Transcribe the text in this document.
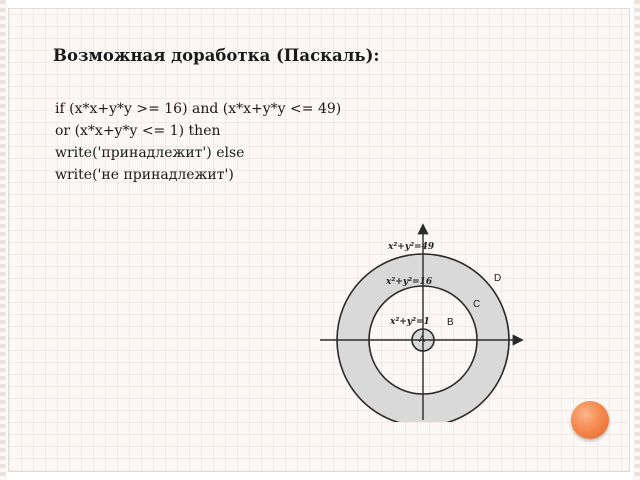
Возможная доработка (Паскаль):
if (x*x+y*y >= 16) and (x*x+y*y <= 49)
or (x*x+y*y <= 1) then
write('принадлежит') else
write('не принадлежит')
x²+y²=49
x²+y²=16
x²+y²=1
A
B
C
D
